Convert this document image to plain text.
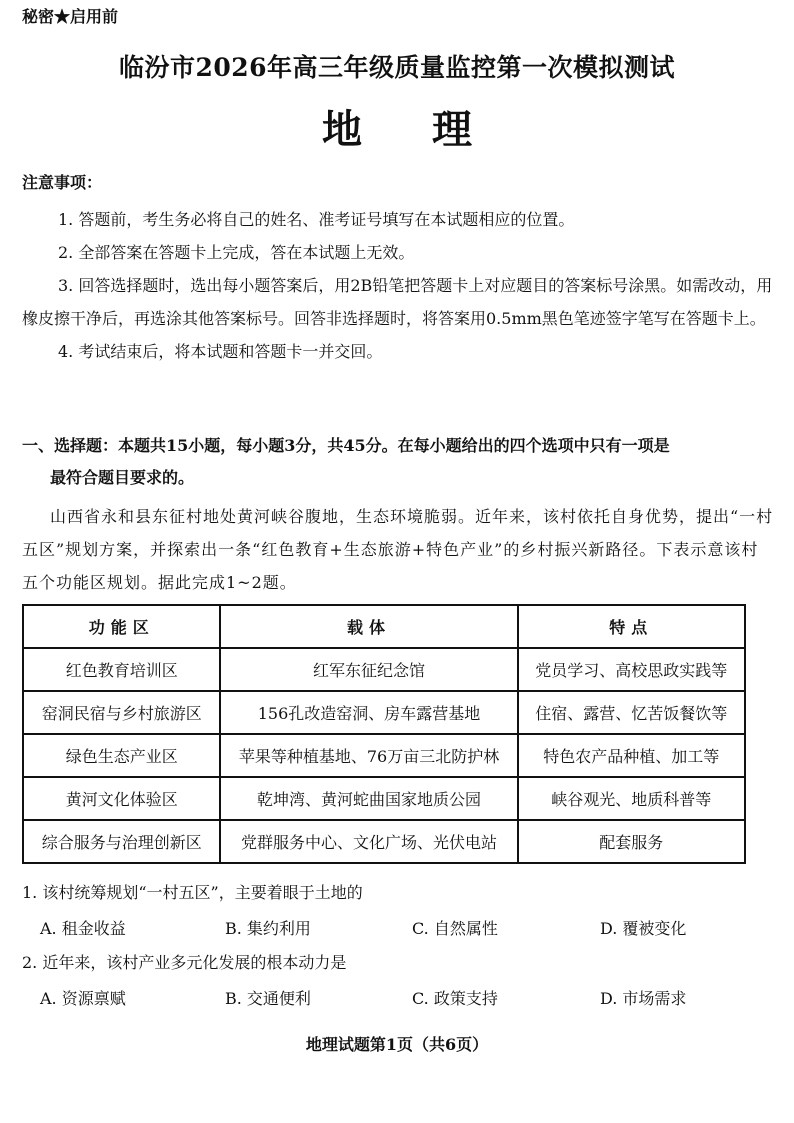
秘密★启用前
临汾市2026年高三年级质量监控第一次模拟测试
地理
注意事项：

1. 答题前，考生务必将自己的姓名、准考证号填写在本试题相应的位置。

2. 全部答案在答题卡上完成，答在本试题上无效。

3. 回答选择题时，选出每小题答案后，用2B铅笔把答题卡上对应题目的答案标号涂黑。如需改动，用橡皮擦干净后，再选涂其他答案标号。回答非选择题时，将答案用0.5mm黑色笔迹签字笔写在答题卡上。

4. 考试结束后，将本试题和答题卡一并交回。

一、选择题：本题共15小题，每小题3分，共45分。在每小题给出的四个选项中只有一项是
最符合题目要求的。
山西省永和县东征村地处黄河峡谷腹地，生态环境脆弱。近年来，该村依托自身优势，提出“一村五区”规划方案，并探索出一条“红色教育+生态旅游+特色产业”的乡村振兴新路径。下表示意该村五个功能区规划。据此完成1~2题。
功能区	载体	特点
红色教育培训区	红军东征纪念馆	党员学习、高校思政实践等
窑洞民宿与乡村旅游区	156孔改造窑洞、房车露营基地	住宿、露营、忆苦饭餐饮等
绿色生态产业区	苹果等种植基地、76万亩三北防护林	特色农产品种植、加工等
黄河文化体验区	乾坤湾、黄河蛇曲国家地质公园	峡谷观光、地质科普等
综合服务与治理创新区	党群服务中心、文化广场、光伏电站	配套服务
1. 该村统筹规划“一村五区”，主要着眼于土地的
A. 租金收益	B. 集约利用	C. 自然属性	D. 覆被变化
2. 近年来，该村产业多元化发展的根本动力是
A. 资源禀赋	B. 交通便利	C. 政策支持	D. 市场需求
地理试题第1页（共6页）
